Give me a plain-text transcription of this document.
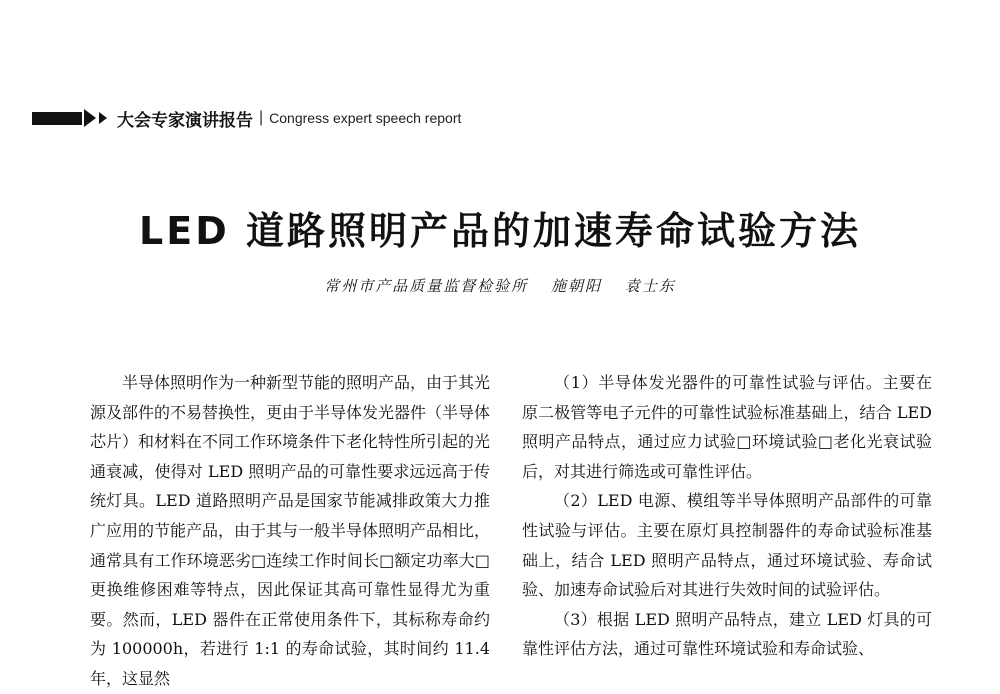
大会专家演讲报告 | Congress expert speech report
LED 道路照明产品的加速寿命试验方法
常州市产品质量监督检验所 施朝阳 袁士东

半导体照明作为一种新型节能的照明产品，由于其光源及部件的不易替换性，更由于半导体发光器件（半导体芯片）和材料在不同工作环境条件下老化特性所引起的光通衰减，使得对 LED 照明产品的可靠性要求远远高于传统灯具。LED 道路照明产品是国家节能减排政策大力推广应用的节能产品，由于其与一般半导体照明产品相比，通常具有工作环境恶劣□连续工作时间长□额定功率大□更换维修困难等特点，因此保证其高可靠性显得尤为重要。然而，LED 器件在正常使用条件下，其标称寿命约为 100000h，若进行 1:1 的寿命试验，其时间约 11.4 年，这显然

（1）半导体发光器件的可靠性试验与评估。主要在原二极管等电子元件的可靠性试验标准基础上，结合 LED 照明产品特点，通过应力试验□环境试验□老化光衰试验后，对其进行筛选或可靠性评估。

（2）LED 电源、模组等半导体照明产品部件的可靠性试验与评估。主要在原灯具控制器件的寿命试验标准基础上，结合 LED 照明产品特点，通过环境试验、寿命试验、加速寿命试验后对其进行失效时间的试验评估。

（3）根据 LED 照明产品特点，建立 LED 灯具的可靠性评估方法，通过可靠性环境试验和寿命试验、
